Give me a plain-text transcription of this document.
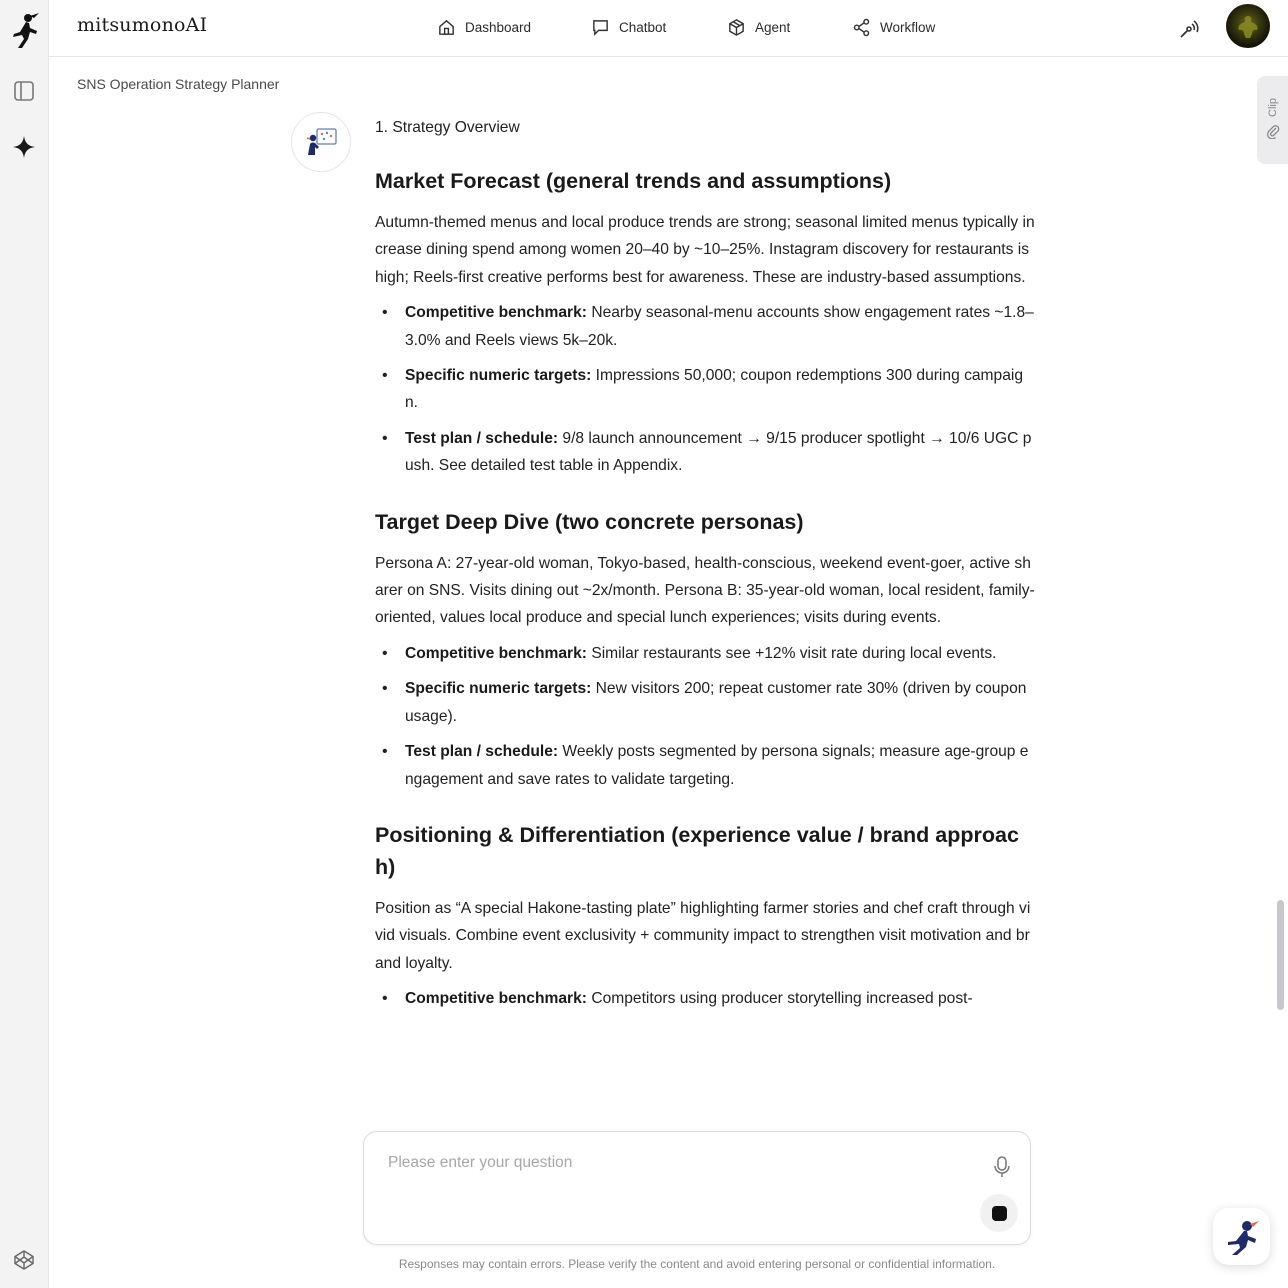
mitsumonoAI	Dashboard	Chatbot	Agent	Workflow
SNS Operation Strategy Planner
1. Strategy Overview
Market Forecast (general trends and assumptions)

Autumn-themed menus and local produce trends are strong; seasonal limited menus typically increase dining spend among women 20–40 by ~10–25%. Instagram discovery for restaurants is high; Reels-first creative performs best for awareness. These are industry-based assumptions.

• Competitive benchmark: Nearby seasonal-menu accounts show engagement rates ~1.8–3.0% and Reels views 5k–20k.
• Specific numeric targets: Impressions 50,000; coupon redemptions 300 during campaign.
• Test plan / schedule: 9/8 launch announcement → 9/15 producer spotlight → 10/6 UGC push. See detailed test table in Appendix.
Target Deep Dive (two concrete personas)

Persona A: 27-year-old woman, Tokyo-based, health-conscious, weekend event-goer, active sharer on SNS. Visits dining out ~2x/month. Persona B: 35-year-old woman, local resident, family-oriented, values local produce and special lunch experiences; visits during events.

• Competitive benchmark: Similar restaurants see +12% visit rate during local events.
• Specific numeric targets: New visitors 200; repeat customer rate 30% (driven by coupon usage).
• Test plan / schedule: Weekly posts segmented by persona signals; measure age-group engagement and save rates to validate targeting.
Positioning & Differentiation (experience value / brand approach)

Position as “A special Hakone-tasting plate” highlighting farmer stories and chef craft through vivid visuals. Combine event exclusivity + community impact to strengthen visit motivation and brand loyalty.

• Competitive benchmark: Competitors using producer storytelling increased post-
Clip
Please enter your question
Responses may contain errors. Please verify the content and avoid entering personal or confidential information.
